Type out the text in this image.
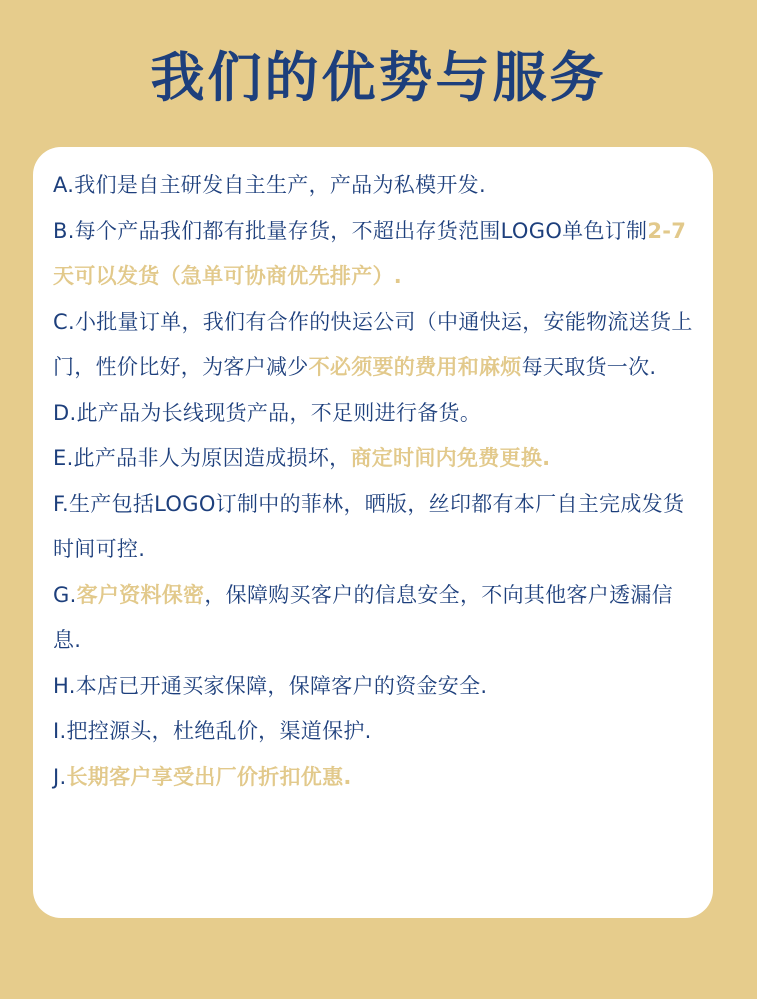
我们的优势与服务
A.我们是自主研发自主生产，产品为私模开发.
B.每个产品我们都有批量存货，不超出存货范围LOGO单色订制2-7天可以发货（急单可协商优先排产）.
C.小批量订单，我们有合作的快运公司（中通快运，安能物流送货上门，性价比好，为客户减少不必须要的费用和麻烦每天取货一次.
D.此产品为长线现货产品，不足则进行备货。
E.此产品非人为原因造成损坏，商定时间内免费更换.
F.生产包括LOGO订制中的菲林，晒版，丝印都有本厂自主完成发货时间可控.
G.客户资料保密，保障购买客户的信息安全，不向其他客户透漏信息.
H.本店已开通买家保障，保障客户的资金安全.
I.把控源头，杜绝乱价，渠道保护.
J.长期客户享受出厂价折扣优惠.
